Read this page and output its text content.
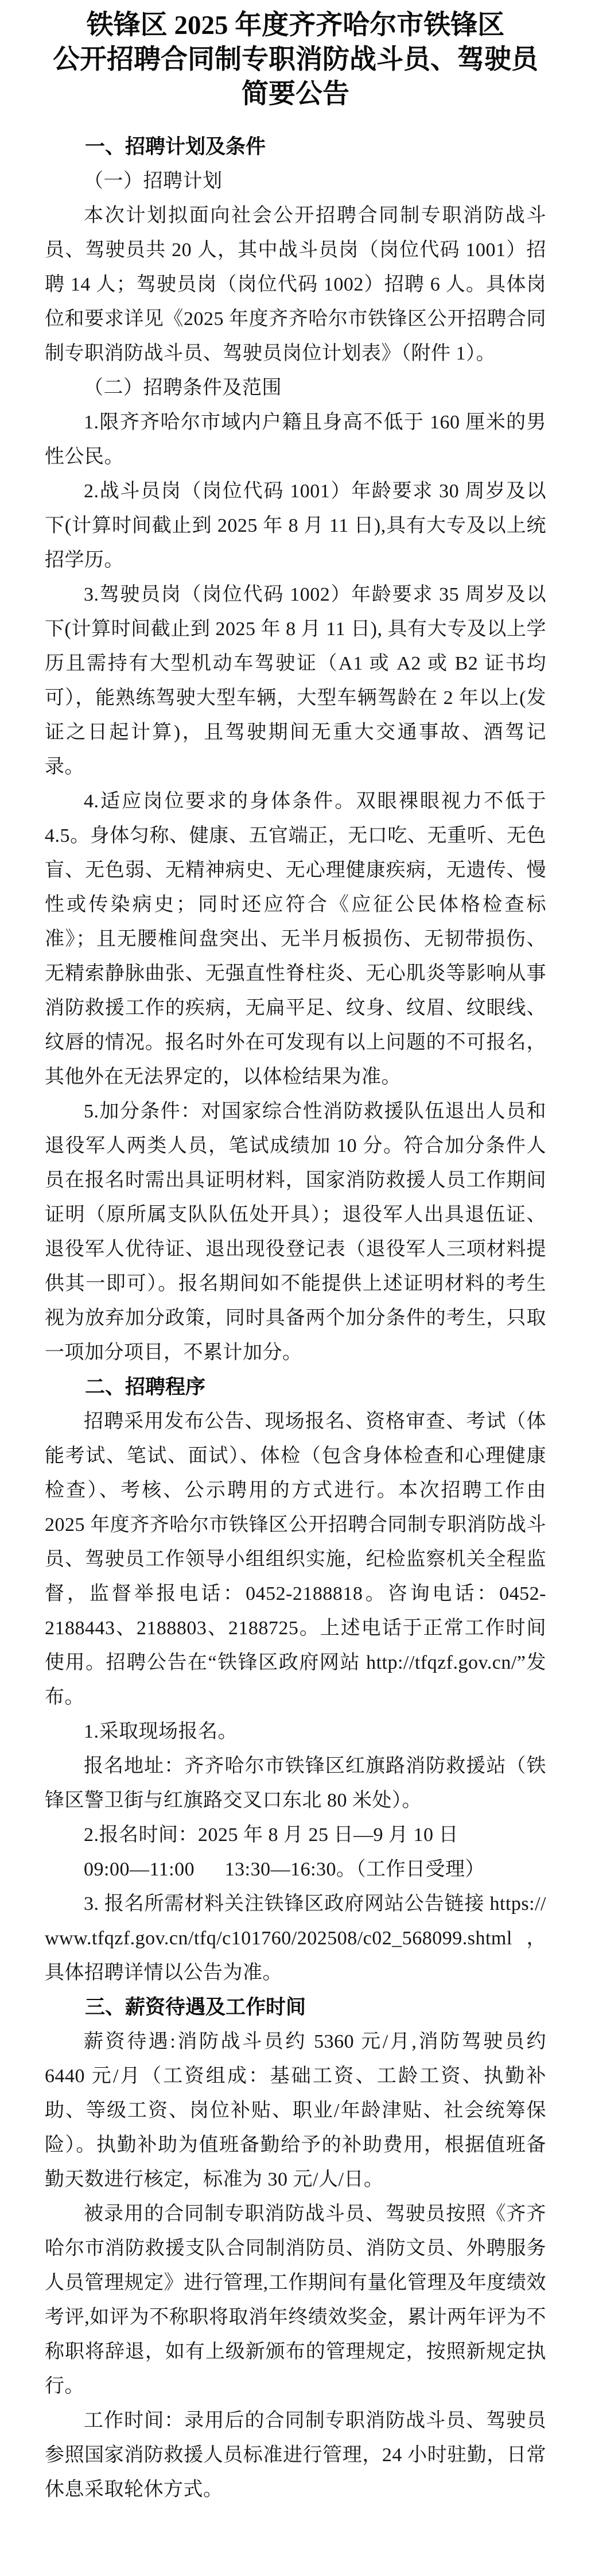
铁锋区 2025 年度齐齐哈尔市铁锋区
公开招聘合同制专职消防战斗员、驾驶员
简要公告
一、招聘计划及条件

（一）招聘计划

本次计划拟面向社会公开招聘合同制专职消防战斗员、驾驶员共 20 人，其中战斗员岗（岗位代码 1001）招聘 14 人；驾驶员岗（岗位代码 1002）招聘 6 人。具体岗位和要求详见《2025 年度齐齐哈尔市铁锋区公开招聘合同制专职消防战斗员、驾驶员岗位计划表》（附件 1）。

（二）招聘条件及范围

1.限齐齐哈尔市域内户籍且身高不低于 160 厘米的男性公民。

2.战斗员岗（岗位代码 1001）年龄要求 30 周岁及以下(计算时间截止到 2025 年 8 月 11 日),具有大专及以上统招学历。

3.驾驶员岗（岗位代码 1002）年龄要求 35 周岁及以下(计算时间截止到 2025 年 8 月 11 日), 具有大专及以上学历且需持有大型机动车驾驶证（A1 或 A2 或 B2 证书均可），能熟练驾驶大型车辆，大型车辆驾龄在 2 年以上(发证之日起计算)，且驾驶期间无重大交通事故、酒驾记录。

4.适应岗位要求的身体条件。双眼裸眼视力不低于 4.5。身体匀称、健康、五官端正，无口吃、无重听、无色盲、无色弱、无精神病史、无心理健康疾病，无遗传、慢性或传染病史；同时还应符合《应征公民体格检查标准》；且无腰椎间盘突出、无半月板损伤、无韧带损伤、无精索静脉曲张、无强直性脊柱炎、无心肌炎等影响从事消防救援工作的疾病，无扁平足、纹身、纹眉、纹眼线、纹唇的情况。报名时外在可发现有以上问题的不可报名，其他外在无法界定的，以体检结果为准。

5.加分条件：对国家综合性消防救援队伍退出人员和退役军人两类人员，笔试成绩加 10 分。符合加分条件人员在报名时需出具证明材料，国家消防救援人员工作期间证明（原所属支队队伍处开具）；退役军人出具退伍证、退役军人优待证、退出现役登记表（退役军人三项材料提供其一即可）。报名期间如不能提供上述证明材料的考生视为放弃加分政策，同时具备两个加分条件的考生，只取一项加分项目，不累计加分。

二、招聘程序

招聘采用发布公告、现场报名、资格审查、考试（体能考试、笔试、面试）、体检（包含身体检查和心理健康检查）、考核、公示聘用的方式进行。本次招聘工作由 2025 年度齐齐哈尔市铁锋区公开招聘合同制专职消防战斗员、驾驶员工作领导小组组织实施，纪检监察机关全程监督，监督举报电话：0452-2188818。咨询电话：0452-2188443、2188803、2188725。上述电话于正常工作时间使用。招聘公告在“铁锋区政府网站 http://tfqzf.gov.cn/”发布。

1.采取现场报名。

报名地址：齐齐哈尔市铁锋区红旗路消防救援站（铁锋区警卫街与红旗路交叉口东北 80 米处）。

2.报名时间：2025 年 8 月 25 日—9 月 10 日

09:00—11:00　  13:30—16:30。（工作日受理）

3. 报名所需材料关注铁锋区政府网站公告链接 https://www.tfqzf.gov.cn/tfq/c101760/202508/c02_568099.shtml，具体招聘详情以公告为准。

三、薪资待遇及工作时间

薪资待遇:消防战斗员约 5360 元/月,消防驾驶员约 6440 元/月（工资组成：基础工资、工龄工资、执勤补助、等级工资、岗位补贴、职业/年龄津贴、社会统筹保险）。执勤补助为值班备勤给予的补助费用，根据值班备勤天数进行核定，标准为 30 元/人/日。

被录用的合同制专职消防战斗员、驾驶员按照《齐齐哈尔市消防救援支队合同制消防员、消防文员、外聘服务人员管理规定》进行管理,工作期间有量化管理及年度绩效考评,如评为不称职将取消年终绩效奖金，累计两年评为不称职将辞退，如有上级新颁布的管理规定，按照新规定执行。

工作时间：录用后的合同制专职消防战斗员、驾驶员参照国家消防救援人员标准进行管理，24 小时驻勤，日常休息采取轮休方式。
